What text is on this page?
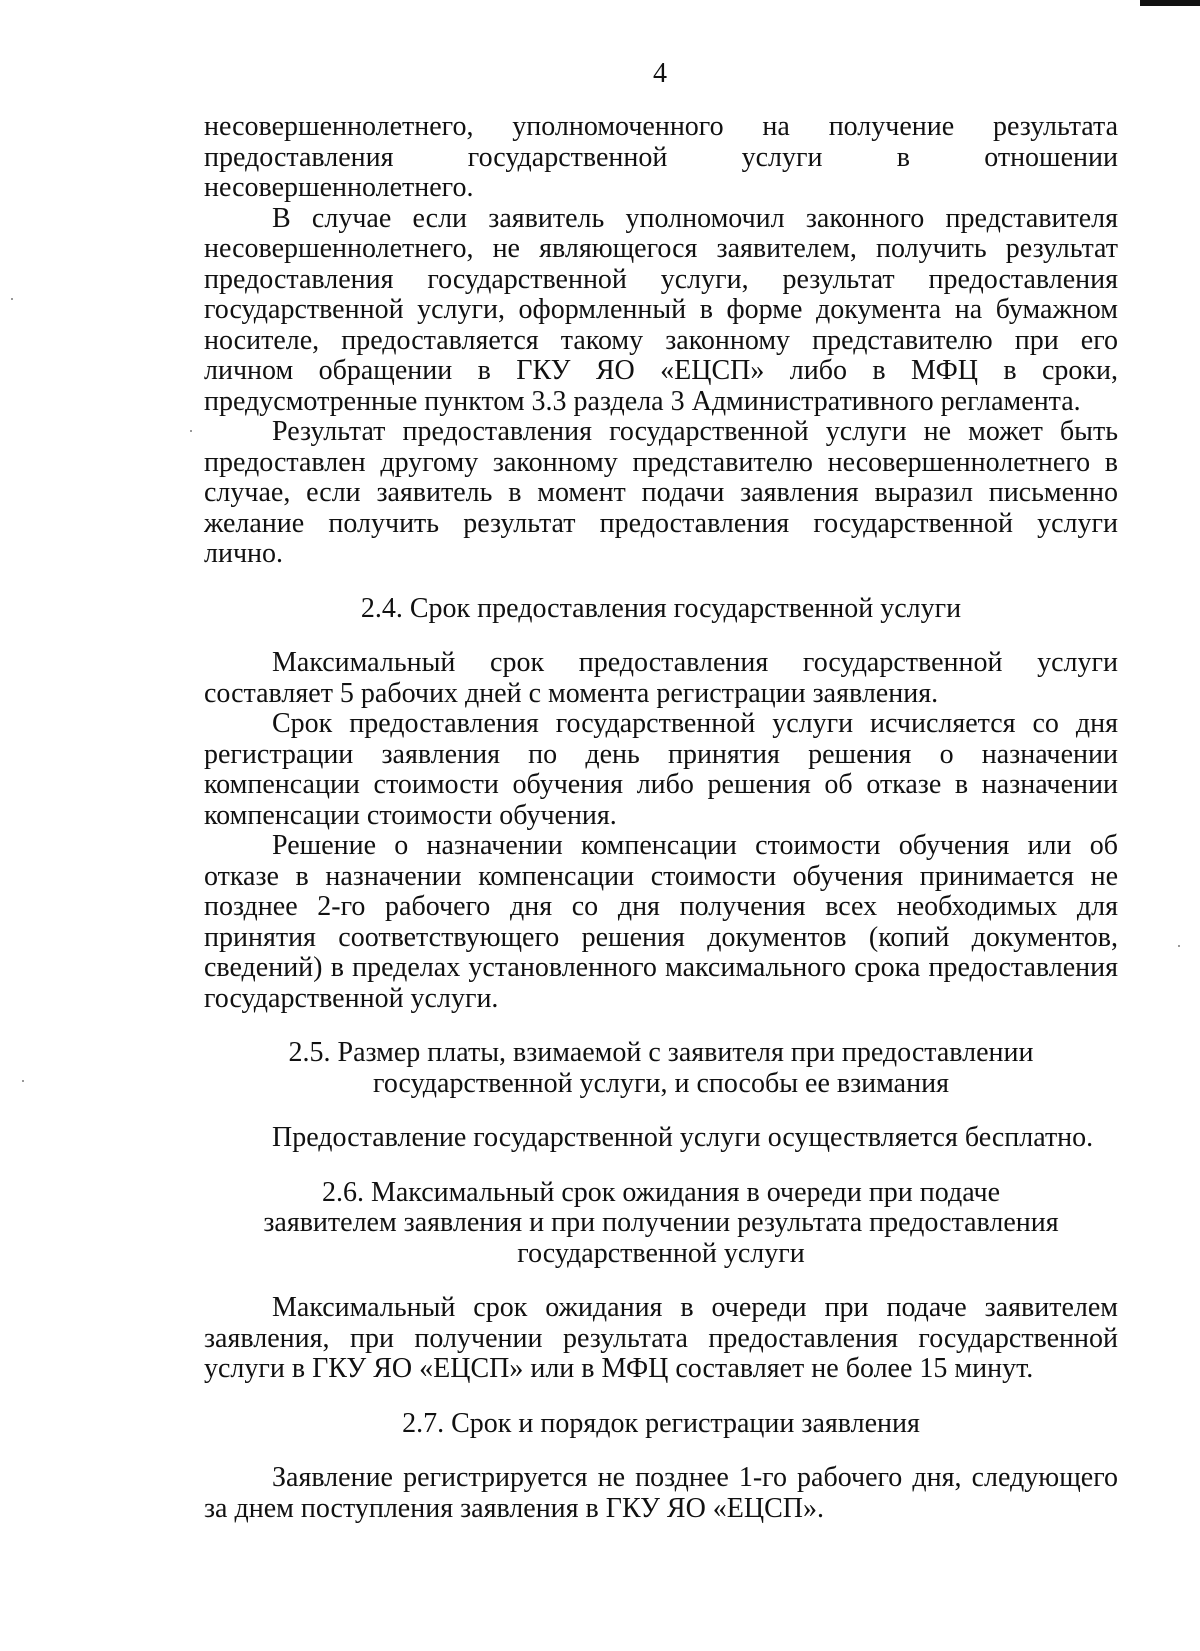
4

несовершеннолетнего, уполномоченного на получение результата предоставления государственной услуги в отношении несовершеннолетнего.

В случае если заявитель уполномочил законного представителя несовершеннолетнего, не являющегося заявителем, получить результат предоставления государственной услуги, результат предоставления государственной услуги, оформленный в форме документа на бумажном носителе, предоставляется такому законному представителю при его личном обращении в ГКУ ЯО «ЕЦСП» либо в МФЦ в сроки, предусмотренные пунктом 3.3 раздела 3 Административного регламента.

Результат предоставления государственной услуги не может быть предоставлен другому законному представителю несовершеннолетнего в случае, если заявитель в момент подачи заявления выразил письменно желание получить результат предоставления государственной услуги лично.

2.4. Срок предоставления государственной услуги

Максимальный срок предоставления государственной услуги составляет 5 рабочих дней с момента регистрации заявления.

Срок предоставления государственной услуги исчисляется со дня регистрации заявления по день принятия решения о назначении компенсации стоимости обучения либо решения об отказе в назначении компенсации стоимости обучения.

Решение о назначении компенсации стоимости обучения или об отказе в назначении компенсации стоимости обучения принимается не позднее 2-го рабочего дня со дня получения всех необходимых для принятия соответствующего решения документов (копий документов, сведений) в пределах установленного максимального срока предоставления государственной услуги.

2.5. Размер платы, взимаемой с заявителя при предоставлении
государственной услуги, и способы ее взимания

Предоставление государственной услуги осуществляется бесплатно.

2.6. Максимальный срок ожидания в очереди при подаче
заявителем заявления и при получении результата предоставления
государственной услуги

Максимальный срок ожидания в очереди при подаче заявителем заявления, при получении результата предоставления государственной услуги в ГКУ ЯО «ЕЦСП» или в МФЦ составляет не более 15 минут.

2.7. Срок и порядок регистрации заявления

Заявление регистрируется не позднее 1-го рабочего дня, следующего за днем поступления заявления в ГКУ ЯО «ЕЦСП».
